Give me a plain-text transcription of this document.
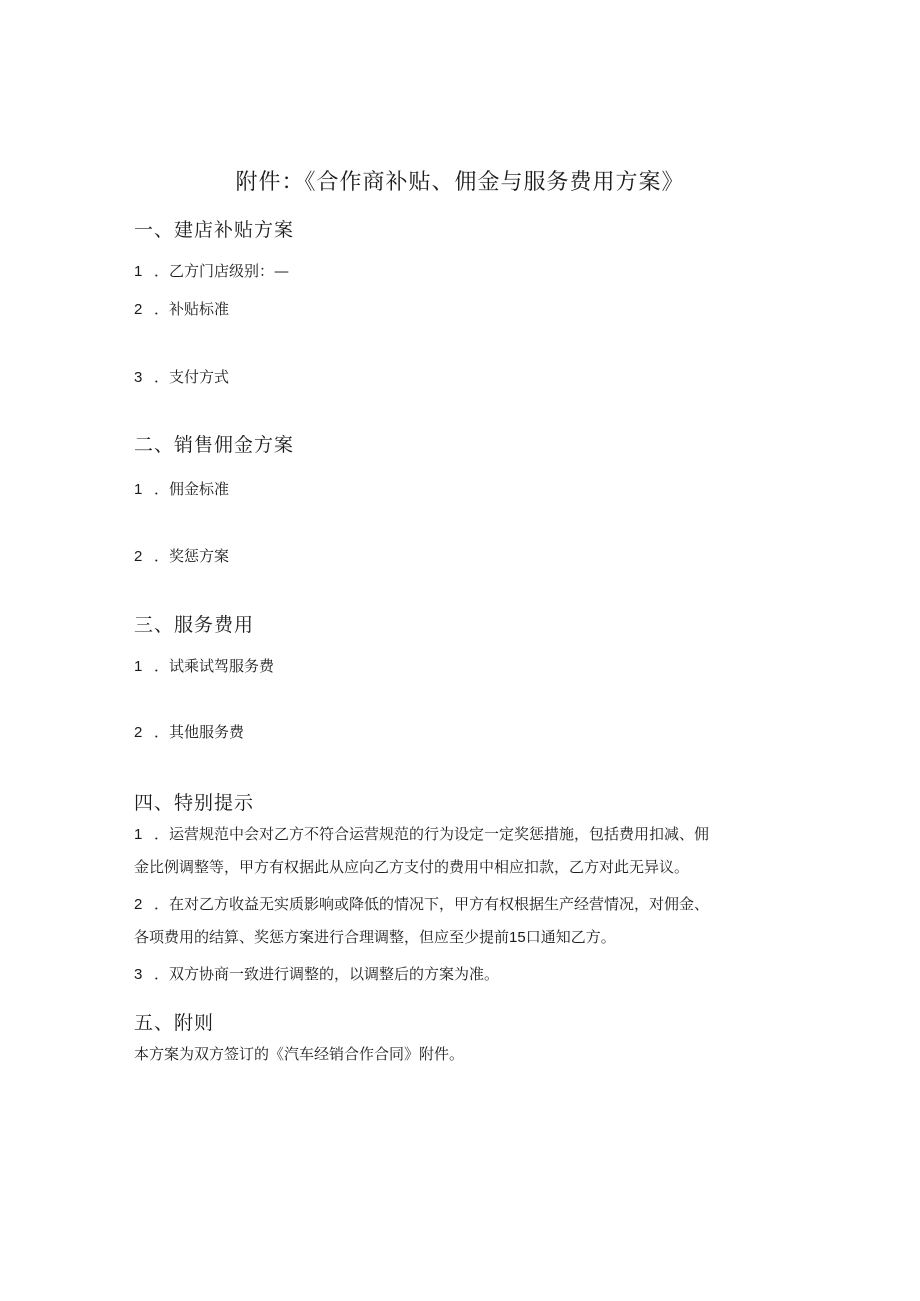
附件：《合作商补贴、佣金与服务费用方案》
一、建店补贴方案
1 ．乙方门店级别：—
2 ．补贴标准
3 ．支付方式
二、销售佣金方案
1 ．佣金标准
2 ．奖惩方案
三、服务费用
1 ．试乘试驾服务费
2 ．其他服务费
四、特别提示
1 ．运营规范中会对乙方不符合运营规范的行为设定一定奖惩措施，包括费用扣减、佣
金比例调整等，甲方有权据此从应向乙方支付的费用中相应扣款，乙方对此无异议。
2 ．在对乙方收益无实质影响或降低的情况下，甲方有权根据生产经营情况，对佣金、
各项费用的结算、奖惩方案进行合理调整，但应至少提前15口通知乙方。
3 ．双方协商一致进行调整的，以调整后的方案为准。
五、附则
本方案为双方签订的《汽车经销合作合同》附件。
